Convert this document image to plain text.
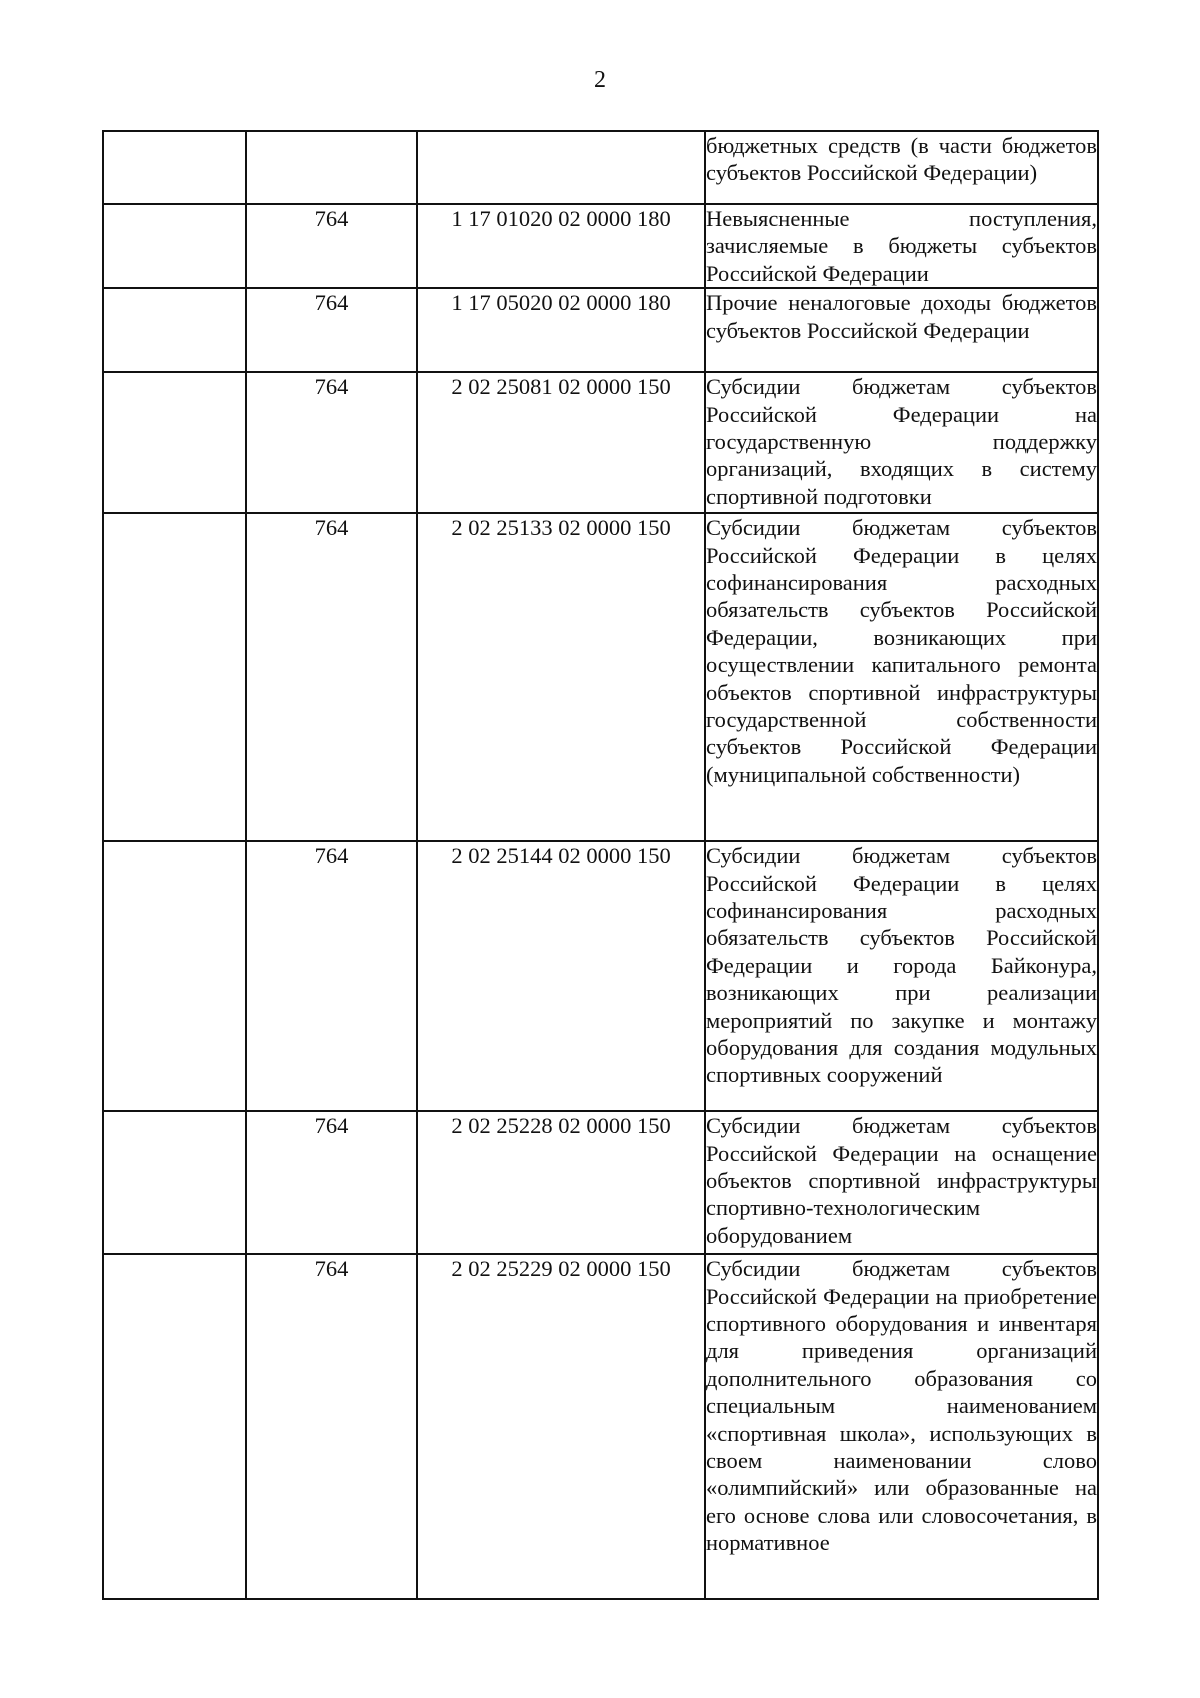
2
			бюджетных средств (в части бюджетов субъектов Российской Федерации)
	764	1 17 01020 02 0000 180	Невыясненные поступления, зачисляемые в бюджеты субъектов Российской Федерации
	764	1 17 05020 02 0000 180	Прочие неналоговые доходы бюджетов субъектов Российской Федерации
	764	2 02 25081 02 0000 150	Субсидии бюджетам субъектов Российской Федерации на государственную поддержку организаций, входящих в систему спортивной подготовки
	764	2 02 25133 02 0000 150	Субсидии бюджетам субъектов Российской Федерации в целях софинансирования расходных обязательств субъектов Российской Федерации, возникающих при осуществлении капитального ремонта объектов спортивной инфраструктуры государственной собственности субъектов Российской Федерации (муниципальной собственности)
	764	2 02 25144 02 0000 150	Субсидии бюджетам субъектов Российской Федерации в целях софинансирования расходных обязательств субъектов Российской Федерации и города Байконура, возникающих при реализации мероприятий по закупке и монтажу оборудования для создания модульных спортивных сооружений
	764	2 02 25228 02 0000 150	Субсидии бюджетам субъектов Российской Федерации на оснащение объектов спортивной инфраструктуры спортивно-технологическим оборудованием
	764	2 02 25229 02 0000 150	Субсидии бюджетам субъектов Российской Федерации на приобретение спортивного оборудования и инвентаря для приведения организаций дополнительного образования со специальным наименованием «спортивная школа», использующих в своем наименовании слово «олимпийский» или образованные на его основе слова или словосочетания, в нормативное
